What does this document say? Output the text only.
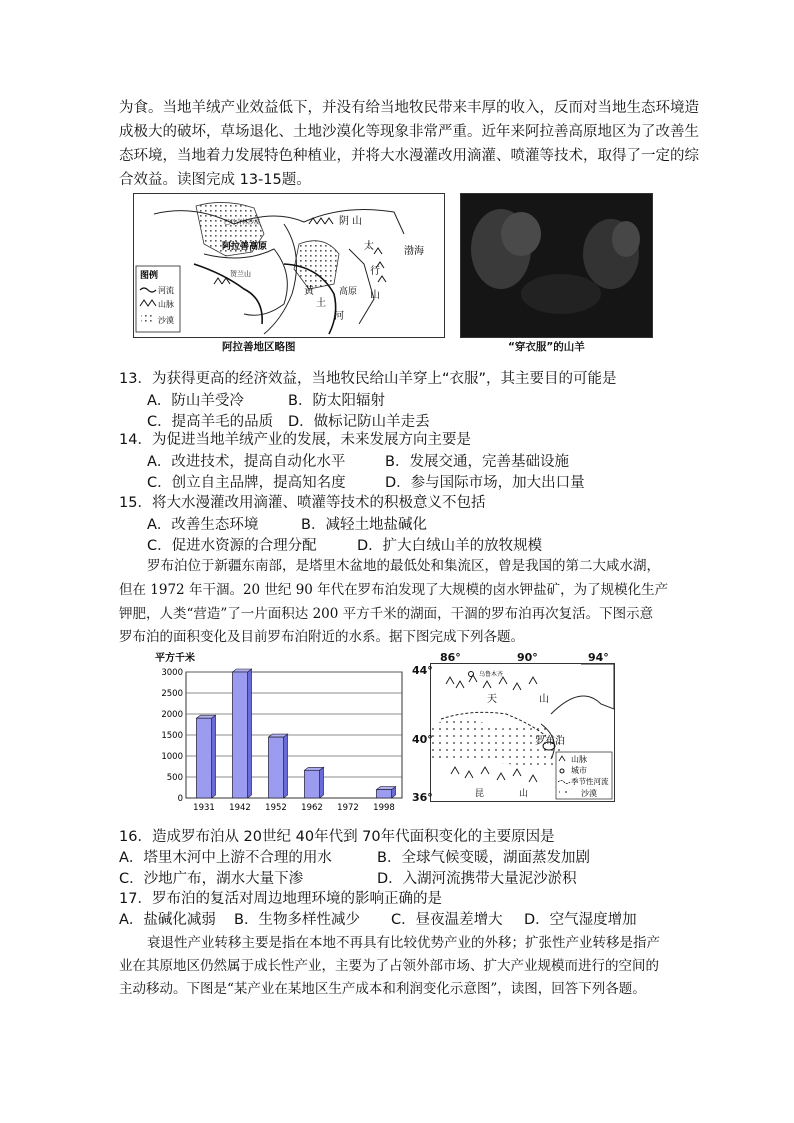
为食。当地羊绒产业效益低下，并没有给当地牧民带来丰厚的收入，反而对当地生态环境造
成极大的破坏，草场退化、土地沙漠化等现象非常严重。近年来阿拉善高原地区为了改善生
态环境，当地着力发展特色种植业，并将大水漫灌改用滴灌、喷灌等技术，取得了一定的综
合效益。读图完成 13-15题。
阴 山
阿拉善高原
巴丹吉林沙漠
贺兰山
太
行
山
渤海
黄
土
高原
河
图例
河流
山脉
沙漠
阿拉善地区略图	“穿衣服”的山羊
13．为获得更高的经济效益，当地牧民给山羊穿上“衣服”，其主要目的可能是
A．防山羊受冷	B．防太阳辐射
C．提高羊毛的品质 D．做标记防山羊走丢
14．为促进当地羊绒产业的发展，未来发展方向主要是
A．改进技术，提高自动化水平	B．发展交通，完善基础设施
C．创立自主品牌，提高知名度	D．参与国际市场，加大出口量
15．将大水漫灌改用滴灌、喷灌等技术的积极意义不包括
A．改善生态环境	B．减轻土地盐碱化
C．促进水资源的合理分配	D．扩大白绒山羊的放牧规模
罗布泊位于新疆东南部，是塔里木盆地的最低处和集流区，曾是我国的第二大咸水湖，
但在 1972 年干涸。20 世纪 90 年代在罗布泊发现了大规模的卤水钾盐矿，为了规模化生产
钾肥，人类“营造”了一片面积达 200 平方千米的湖面，干涸的罗布泊再次复活。下图示意
罗布泊的面积变化及目前罗布泊附近的水系。据下图完成下列各题。
平方千米
0
500
1000
1500
2000
2500
3000
1931 1942 1952 1962 1972 1998
乌鲁木齐
天	山
罗布泊
昆	山
山脉
城市
季节性河流
沙漠
86°	90°	94°
44°
40°
36°
16．造成罗布泊从 20世纪 40年代到 70年代面积变化的主要原因是
A．塔里木河中上游不合理的用水	B．全球气候变暖，湖面蒸发加剧
C．沙地广布，湖水大量下渗	D．入湖河流携带大量泥沙淤积
17．罗布泊的复活对周边地理环境的影响正确的是
A．盐碱化减弱 B．生物多样性减少 C．昼夜温差增大 D．空气湿度增加
衰退性产业转移主要是指在本地不再具有比较优势产业的外移；扩张性产业转移是指产
业在其原地区仍然属于成长性产业，主要为了占领外部市场、扩大产业规模而进行的空间的
主动移动。下图是“某产业在某地区生产成本和利润变化示意图”，读图，回答下列各题。
